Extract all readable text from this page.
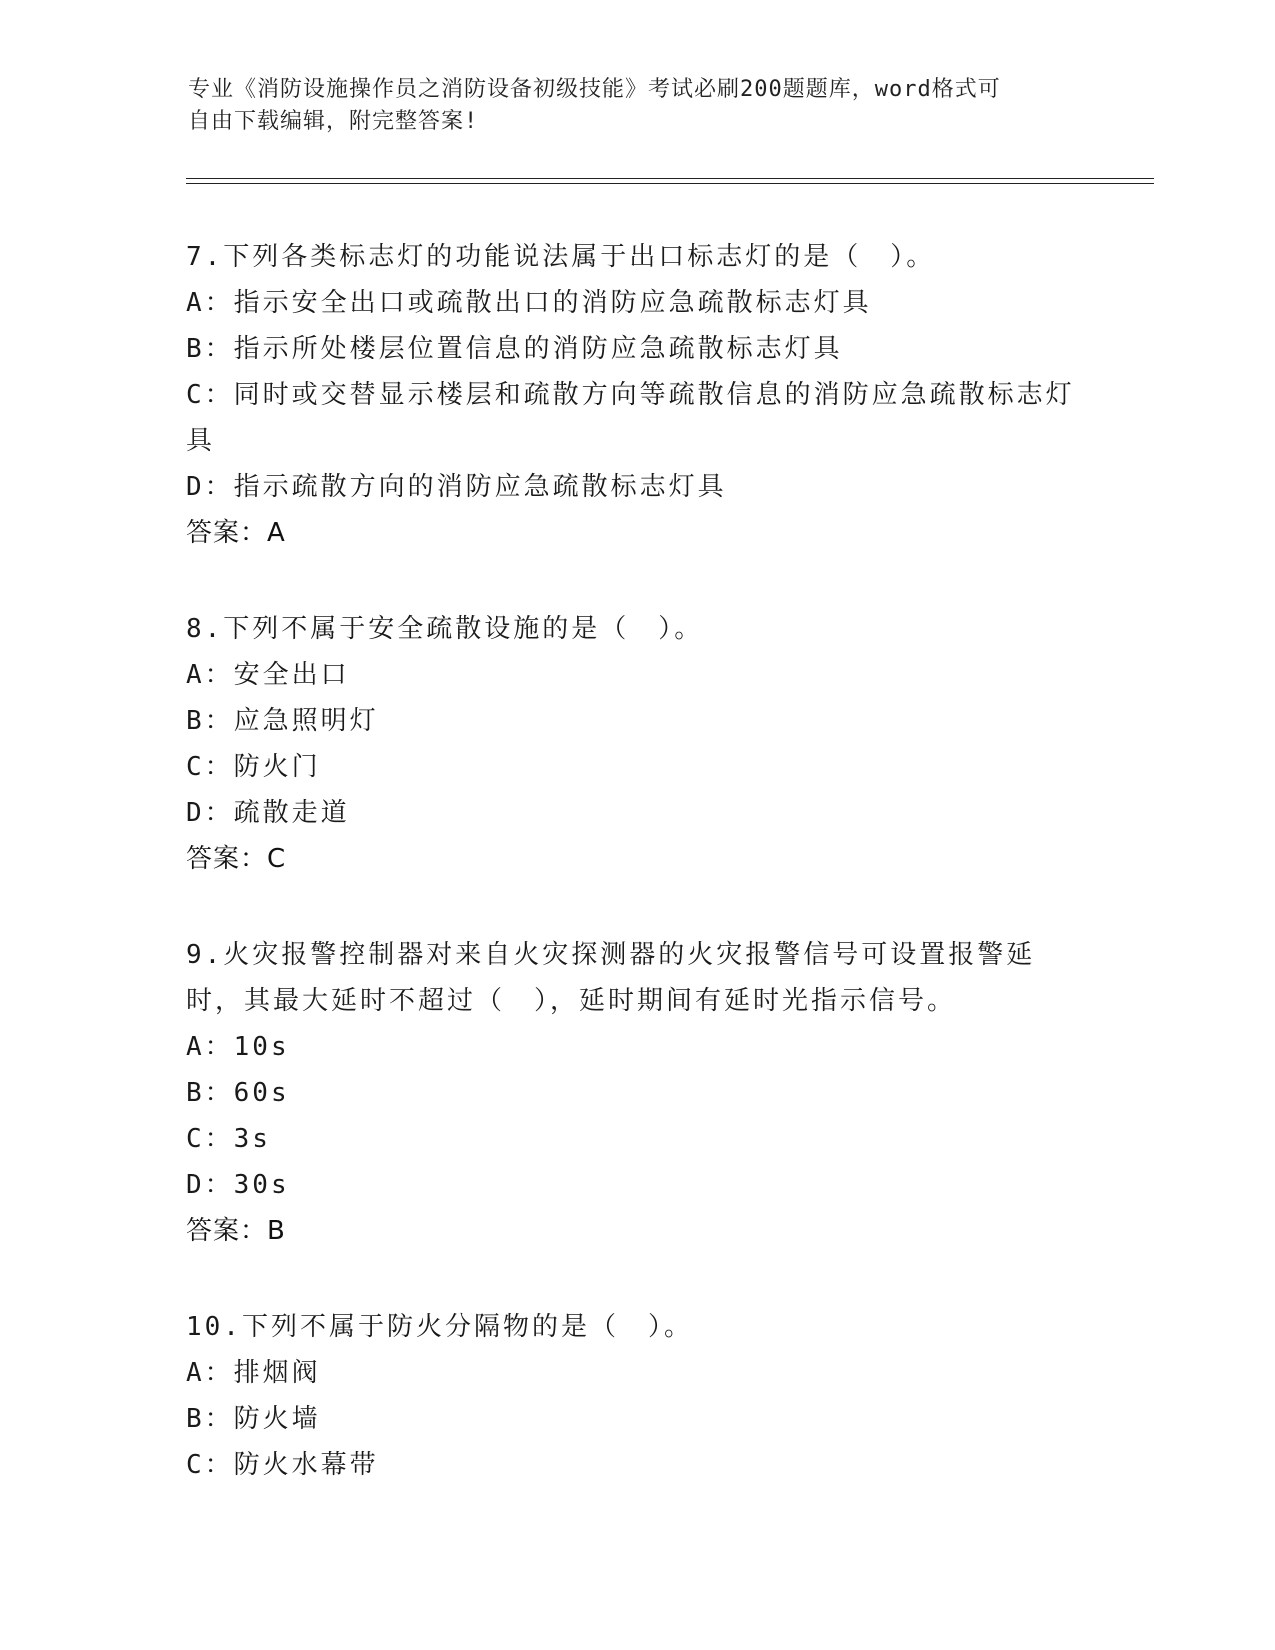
专业《消防设施操作员之消防设备初级技能》考试必刷200题题库，word格式可

自由下载编辑，附完整答案!

7.下列各类标志灯的功能说法属于出口标志灯的是（　）。

A：指示安全出口或疏散出口的消防应急疏散标志灯具

B：指示所处楼层位置信息的消防应急疏散标志灯具

C：同时或交替显示楼层和疏散方向等疏散信息的消防应急疏散标志灯具

D：指示疏散方向的消防应急疏散标志灯具

答案：A

8.下列不属于安全疏散设施的是（　）。

A：安全出口

B：应急照明灯

C：防火门

D：疏散走道

答案：C

9.火灾报警控制器对来自火灾探测器的火灾报警信号可设置报警延时，其最大延时不超过（　），延时期间有延时光指示信号。

A：10s

B：60s

C：3s

D：30s

答案：B

10.下列不属于防火分隔物的是（　）。

A：排烟阀

B：防火墙

C：防火水幕带
